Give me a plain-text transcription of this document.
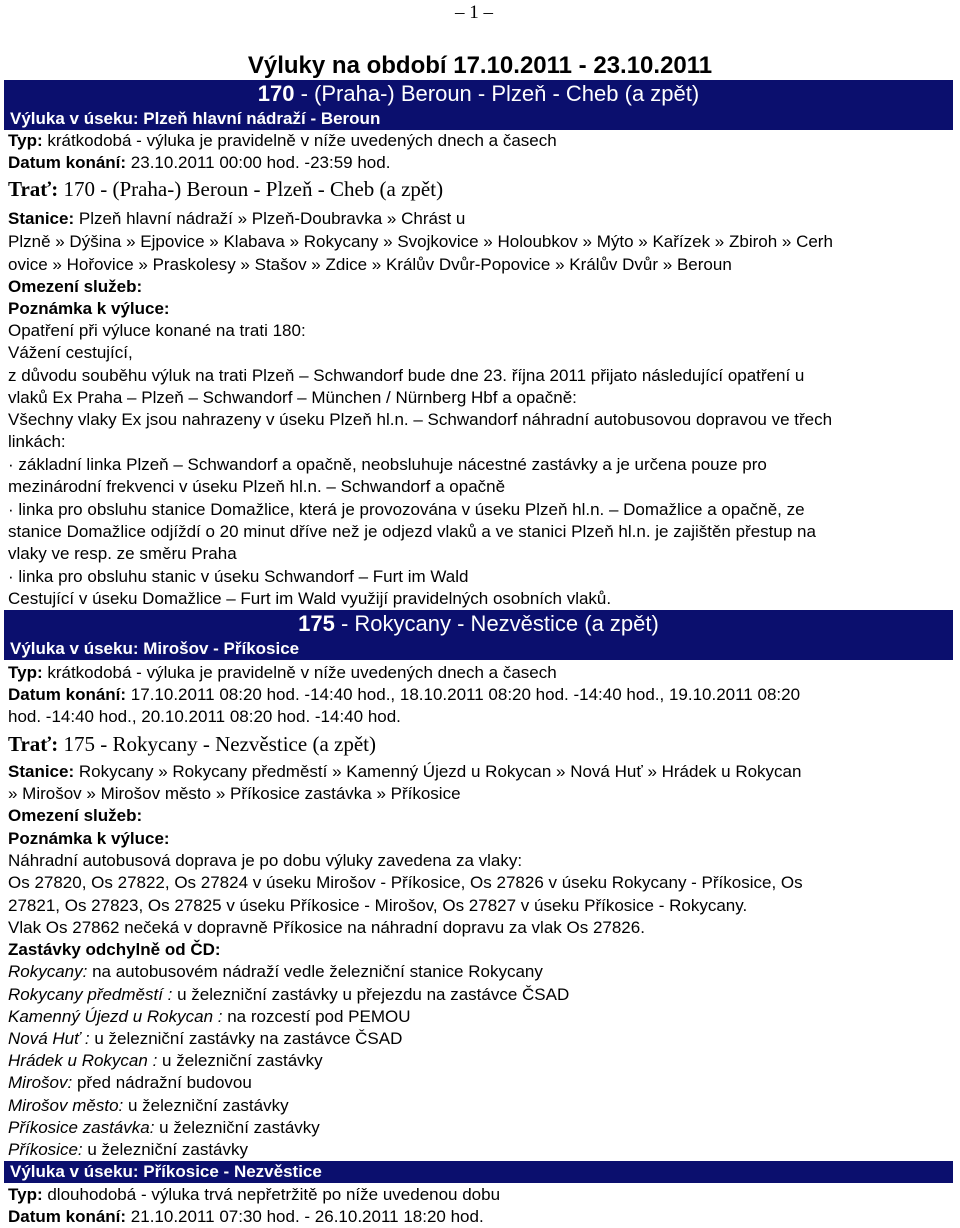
– 1 –
Výluky na období 17.10.2011 - 23.10.2011
170 - (Praha-) Beroun - Plzeň - Cheb (a zpět)
Výluka v úseku: Plzeň hlavní nádraží - Beroun
Typ: krátkodobá - výluka je pravidelně v níže uvedených dnech a časech
Datum konání: 23.10.2011 00:00 hod. -23:59 hod.
Trať: 170 - (Praha-) Beroun - Plzeň - Cheb (a zpět)
Stanice: Plzeň hlavní nádraží » Plzeň-Doubravka » Chrást u
Plzně » Dýšina » Ejpovice » Klabava » Rokycany » Svojkovice » Holoubkov » Mýto » Kařízek » Zbiroh » Cerh
ovice » Hořovice » Praskolesy » Stašov » Zdice » Králův Dvůr-Popovice » Králův Dvůr » Beroun
Omezení služeb:
Poznámka k výluce:
Opatření při výluce konané na trati 180:
Vážení cestující,
z důvodu souběhu výluk na trati Plzeň – Schwandorf bude dne 23. října 2011 přijato následující opatření u
vlaků Ex Praha – Plzeň – Schwandorf – München / Nürnberg Hbf a opačně:
Všechny vlaky Ex jsou nahrazeny v úseku Plzeň hl.n. – Schwandorf náhradní autobusovou dopravou ve třech
linkách:
· základní linka Plzeň – Schwandorf a opačně, neobsluhuje nácestné zastávky a je určena pouze pro
mezinárodní frekvenci v úseku Plzeň hl.n. – Schwandorf a opačně
· linka pro obsluhu stanice Domažlice, která je provozována v úseku Plzeň hl.n. – Domažlice a opačně, ze
stanice Domažlice odjíždí o 20 minut dříve než je odjezd vlaků a ve stanici Plzeň hl.n. je zajištěn přestup na
vlaky ve resp. ze směru Praha
· linka pro obsluhu stanic v úseku Schwandorf – Furt im Wald
Cestující v úseku Domažlice – Furt im Wald využijí pravidelných osobních vlaků.
175 - Rokycany - Nezvěstice (a zpět)
Výluka v úseku: Mirošov - Příkosice
Typ: krátkodobá - výluka je pravidelně v níže uvedených dnech a časech
Datum konání: 17.10.2011 08:20 hod. -14:40 hod., 18.10.2011 08:20 hod. -14:40 hod., 19.10.2011 08:20
hod. -14:40 hod., 20.10.2011 08:20 hod. -14:40 hod.
Trať: 175 - Rokycany - Nezvěstice (a zpět)
Stanice: Rokycany » Rokycany předměstí » Kamenný Újezd u Rokycan » Nová Huť » Hrádek u Rokycan
» Mirošov » Mirošov město » Příkosice zastávka » Příkosice
Omezení služeb:
Poznámka k výluce:
Náhradní autobusová doprava je po dobu výluky zavedena za vlaky:
Os 27820, Os 27822, Os 27824 v úseku Mirošov - Příkosice, Os 27826 v úseku Rokycany - Příkosice, Os
27821, Os 27823, Os 27825 v úseku Příkosice - Mirošov, Os 27827 v úseku Příkosice - Rokycany.
Vlak Os 27862 nečeká v dopravně Příkosice na náhradní dopravu za vlak Os 27826.
Zastávky odchylně od ČD:
Rokycany: na autobusovém nádraží vedle železniční stanice Rokycany
Rokycany předměstí : u železniční zastávky u přejezdu na zastávce ČSAD
Kamenný Újezd u Rokycan : na rozcestí pod PEMOU
Nová Huť : u železniční zastávky na zastávce ČSAD
Hrádek u Rokycan : u železniční zastávky
Mirošov: před nádražní budovou
Mirošov město: u železniční zastávky
Příkosice zastávka: u železniční zastávky
Příkosice: u železniční zastávky
Výluka v úseku: Příkosice - Nezvěstice
Typ: dlouhodobá - výluka trvá nepřetržitě po níže uvedenou dobu
Datum konání: 21.10.2011 07:30 hod. - 26.10.2011 18:20 hod.
